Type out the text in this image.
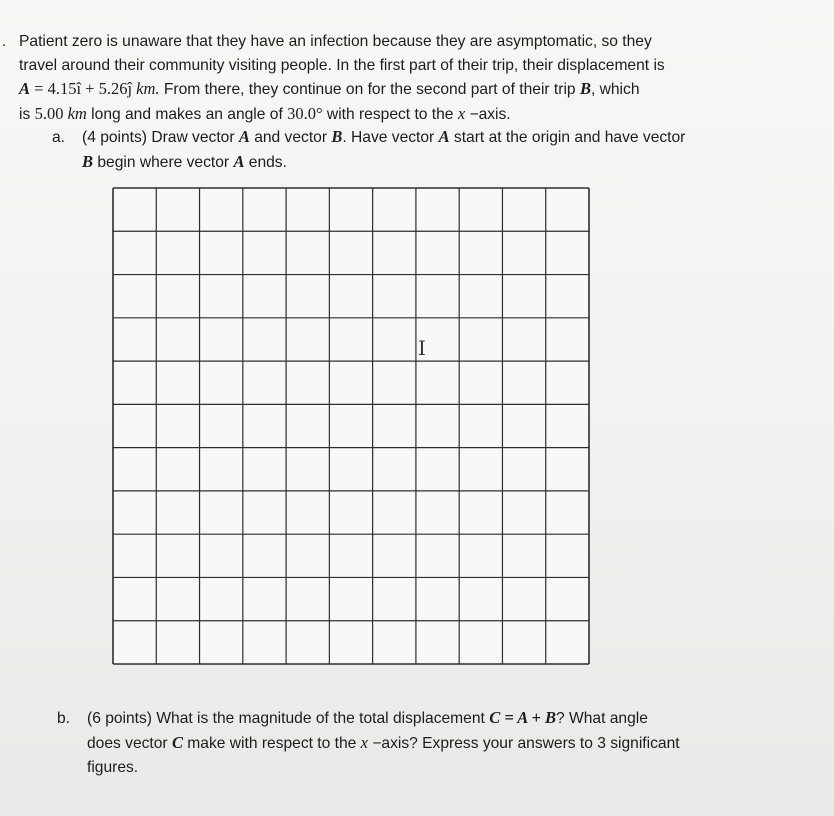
. Patient zero is unaware that they have an infection because they are asymptomatic, so they

travel around their community visiting people. In the first part of their trip, their displacement is

A = 4.15î + 5.26ĵ km. From there, they continue on for the second part of their trip B, which

is 5.00 km long and makes an angle of 30.0° with respect to the x −axis.

a. (4 points) Draw vector A and vector B. Have vector A start at the origin and have vector

B begin where vector A ends.

I

b. (6 points) What is the magnitude of the total displacement C = A + B? What angle

does vector C make with respect to the x −axis? Express your answers to 3 significant

figures.
